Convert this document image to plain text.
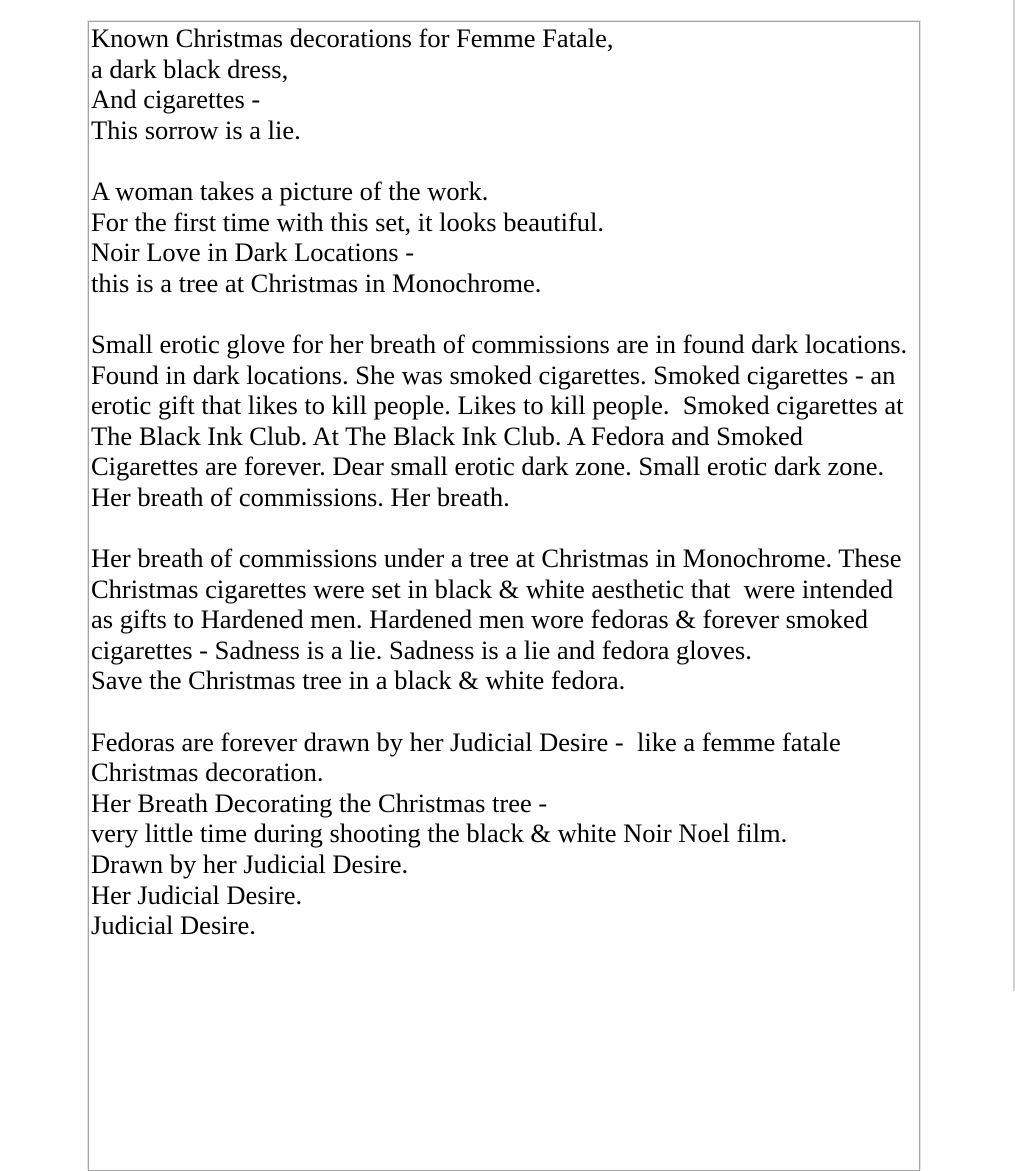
Known Christmas decorations for Femme Fatale,
a dark black dress,
And cigarettes -
This sorrow is a lie.
A woman takes a picture of the work.
For the first time with this set, it looks beautiful.
Noir Love in Dark Locations -
this is a tree at Christmas in Monochrome.
Small erotic glove for her breath of commissions are in found dark locations.
Found in dark locations. She was smoked cigarettes. Smoked cigarettes - an
erotic gift that likes to kill people. Likes to kill people.  Smoked cigarettes at
The Black Ink Club. At The Black Ink Club. A Fedora and Smoked
Cigarettes are forever. Dear small erotic dark zone. Small erotic dark zone.
Her breath of commissions. Her breath.
Her breath of commissions under a tree at Christmas in Monochrome. These
Christmas cigarettes were set in black & white aesthetic that  were intended
as gifts to Hardened men. Hardened men wore fedoras & forever smoked
cigarettes - Sadness is a lie. Sadness is a lie and fedora gloves.
Save the Christmas tree in a black & white fedora.
Fedoras are forever drawn by her Judicial Desire -  like a femme fatale
Christmas decoration.
Her Breath Decorating the Christmas tree -
very little time during shooting the black & white Noir Noel film.
Drawn by her Judicial Desire.
Her Judicial Desire.
Judicial Desire.
